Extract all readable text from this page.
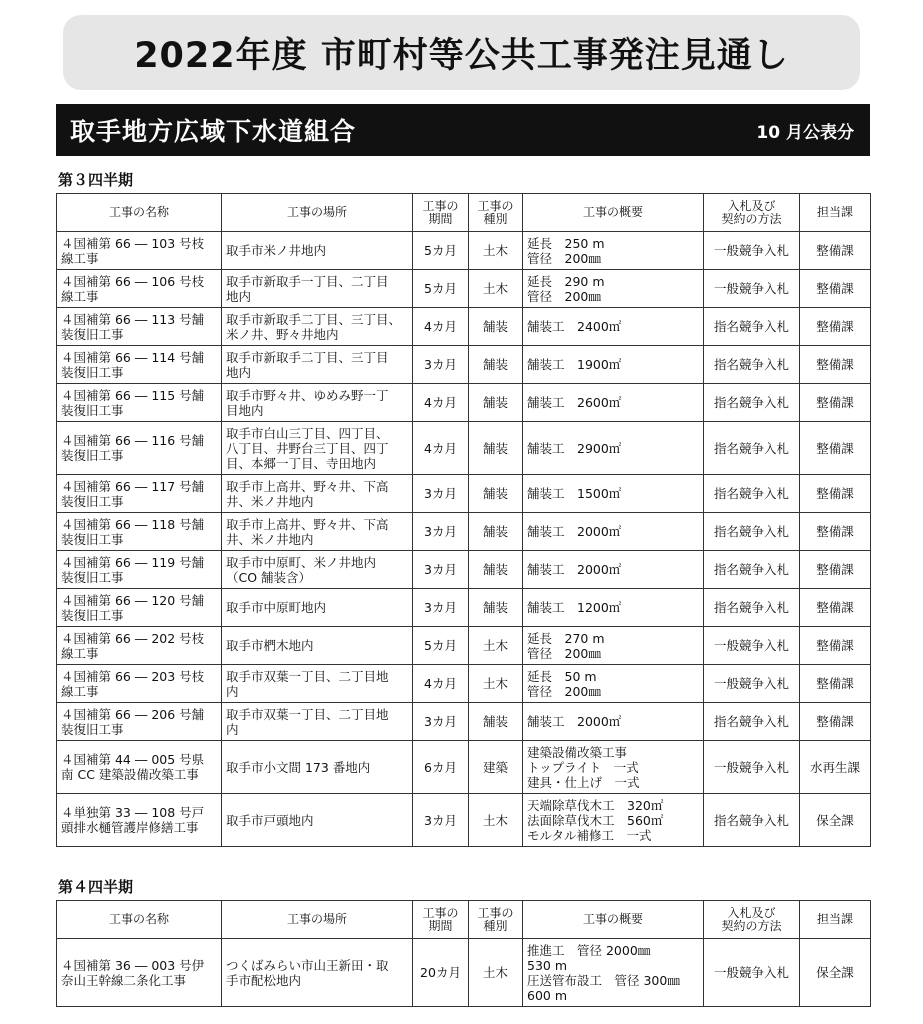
2022年度 市町村等公共工事発注見通し
取手地方広域下水道組合	10 月公表分
第３四半期
工事の名称	工事の場所	工事の
期間	工事の
種別	工事の概要	入札及び
契約の方法	担当課
４国補第 66 ― 103 号枝
線工事	取手市米ノ井地内	5カ月	土木	延長　250 m
管径　200㎜	一般競争入札	整備課
４国補第 66 ― 106 号枝
線工事	取手市新取手一丁目、二丁目
地内	5カ月	土木	延長　290 m
管径　200㎜	一般競争入札	整備課
４国補第 66 ― 113 号舗
装復旧工事	取手市新取手二丁目、三丁目、
米ノ井、野々井地内	4カ月	舗装	舗装工　2400㎡	指名競争入札	整備課
４国補第 66 ― 114 号舗
装復旧工事	取手市新取手二丁目、三丁目
地内	3カ月	舗装	舗装工　1900㎡	指名競争入札	整備課
４国補第 66 ― 115 号舗
装復旧工事	取手市野々井、ゆめみ野一丁
目地内	4カ月	舗装	舗装工　2600㎡	指名競争入札	整備課
４国補第 66 ― 116 号舗
装復旧工事	取手市白山三丁目、四丁目、
八丁目、井野台三丁目、四丁
目、本郷一丁目、寺田地内	4カ月	舗装	舗装工　2900㎡	指名競争入札	整備課
４国補第 66 ― 117 号舗
装復旧工事	取手市上高井、野々井、下高
井、米ノ井地内	3カ月	舗装	舗装工　1500㎡	指名競争入札	整備課
４国補第 66 ― 118 号舗
装復旧工事	取手市上高井、野々井、下高
井、米ノ井地内	3カ月	舗装	舗装工　2000㎡	指名競争入札	整備課
４国補第 66 ― 119 号舗
装復旧工事	取手市中原町、米ノ井地内
（CO 舗装含）	3カ月	舗装	舗装工　2000㎡	指名競争入札	整備課
４国補第 66 ― 120 号舗
装復旧工事	取手市中原町地内	3カ月	舗装	舗装工　1200㎡	指名競争入札	整備課
４国補第 66 ― 202 号枝
線工事	取手市椚木地内	5カ月	土木	延長　270 m
管径　200㎜	一般競争入札	整備課
４国補第 66 ― 203 号枝
線工事	取手市双葉一丁目、二丁目地
内	4カ月	土木	延長　50 m
管径　200㎜	一般競争入札	整備課
４国補第 66 ― 206 号舗
装復旧工事	取手市双葉一丁目、二丁目地
内	3カ月	舗装	舗装工　2000㎡	指名競争入札	整備課
４国補第 44 ― 005 号県
南 CC 建築設備改築工事	取手市小文間 173 番地内	6カ月	建築	建築設備改築工事
トップライト　一式
建具・仕上げ　一式	一般競争入札	水再生課
４単独第 33 ― 108 号戸
頭排水樋管護岸修繕工事	取手市戸頭地内	3カ月	土木	天端除草伐木工　320㎡
法面除草伐木工　560㎡
モルタル補修工　一式	指名競争入札	保全課
第４四半期
工事の名称	工事の場所	工事の
期間	工事の
種別	工事の概要	入札及び
契約の方法	担当課
４国補第 36 ― 003 号伊
奈山王幹線二条化工事	つくばみらい市山王新田・取
手市配松地内	20カ月	土木	推進工　管径 2000㎜
530 m
圧送管布設工　管径 300㎜
600 m	一般競争入札	保全課
